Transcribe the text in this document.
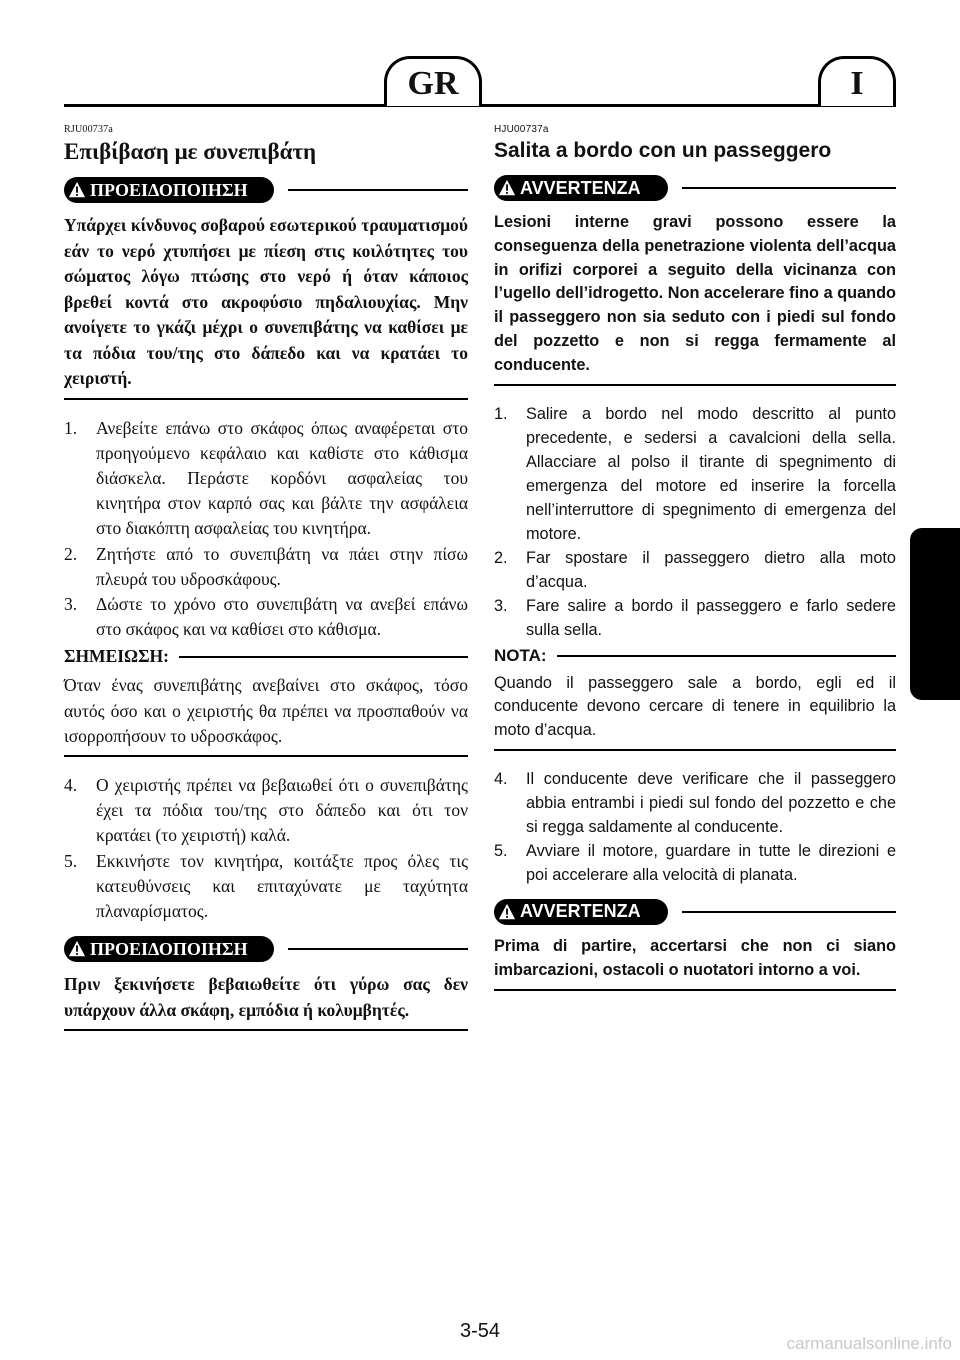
GR	I
RJU00737a
Επιβίβαση με συνεπιβάτη
ΠΡΟΕΙΔΟΠΟΙΗΣΗ

Υπάρχει κίνδυνος σοβαρού εσωτερικού τραυματισμού εάν το νερό χτυπήσει με πίεση στις κοιλότητες του σώματος λόγω πτώσης στο νερό ή όταν κάποιος βρεθεί κοντά στο ακροφύσιο πηδαλιουχίας. Μην ανοίγετε το γκάζι μέχρι ο συνεπιβάτης να καθίσει με τα πόδια του/της στο δάπεδο και να κρατάει το χειριστή.

1.	Ανεβείτε επάνω στο σκάφος όπως αναφέρεται στο προηγούμενο κεφάλαιο και καθίστε στο κάθισμα διάσκελα. Περάστε κορδόνι ασφαλείας του κινητήρα στον καρπό σας και βάλτε την ασφάλεια στο διακόπτη ασφαλείας του κινητήρα.
2.	Ζητήστε από το συνεπιβάτη να πάει στην πίσω πλευρά του υδροσκάφους.
3.	Δώστε το χρόνο στο συνεπιβάτη να ανεβεί επάνω στο σκάφος και να καθίσει στο κάθισμα.
ΣΗΜΕΙΩΣΗ:

Όταν ένας συνεπιβάτης ανεβαίνει στο σκάφος, τόσο αυτός όσο και ο χειριστής θα πρέπει να προσπαθούν να ισορροπήσουν το υδροσκάφος.

4.	Ο χειριστής πρέπει να βεβαιωθεί ότι ο συνεπιβάτης έχει τα πόδια του/της στο δάπεδο και ότι τον κρατάει (το χειριστή) καλά.
5.	Εκκινήστε τον κινητήρα, κοιτάξτε προς όλες τις κατευθύνσεις και επιταχύνατε με ταχύτητα πλαναρίσματος.
ΠΡΟΕΙΔΟΠΟΙΗΣΗ

Πριν ξεκινήσετε βεβαιωθείτε ότι γύρω σας δεν υπάρχουν άλλα σκάφη, εμπόδια ή κολυμβητές.

HJU00737a
Salita a bordo con un passeggero
AVVERTENZA

Lesioni interne gravi possono essere la conseguenza della penetrazione violenta dell’acqua in orifizi corporei a seguito della vicinanza con l’ugello dell’idrogetto. Non accelerare fino a quando il passeggero non sia seduto con i piedi sul fondo del pozzetto e non si regga fermamente al conducente.

1.	Salire a bordo nel modo descritto al punto precedente, e sedersi a cavalcioni della sella. Allacciare al polso il tirante di spegnimento di emergenza del motore ed inserire la forcella nell’interruttore di spegnimento di emergenza del motore.
2.	Far spostare il passeggero dietro alla moto d’acqua.
3.	Fare salire a bordo il passeggero e farlo sedere sulla sella.
NOTA:

Quando il passeggero sale a bordo, egli ed il conducente devono cercare di tenere in equilibrio la moto d’acqua.

4.	Il conducente deve verificare che il passeggero abbia entrambi i piedi sul fondo del pozzetto e che si regga saldamente al conducente.
5.	Avviare il motore, guardare in tutte le direzioni e poi accelerare alla velocità di planata.
AVVERTENZA

Prima di partire, accertarsi che non ci siano imbarcazioni, ostacoli o nuotatori intorno a voi.

3-54
carmanualsonline.info
